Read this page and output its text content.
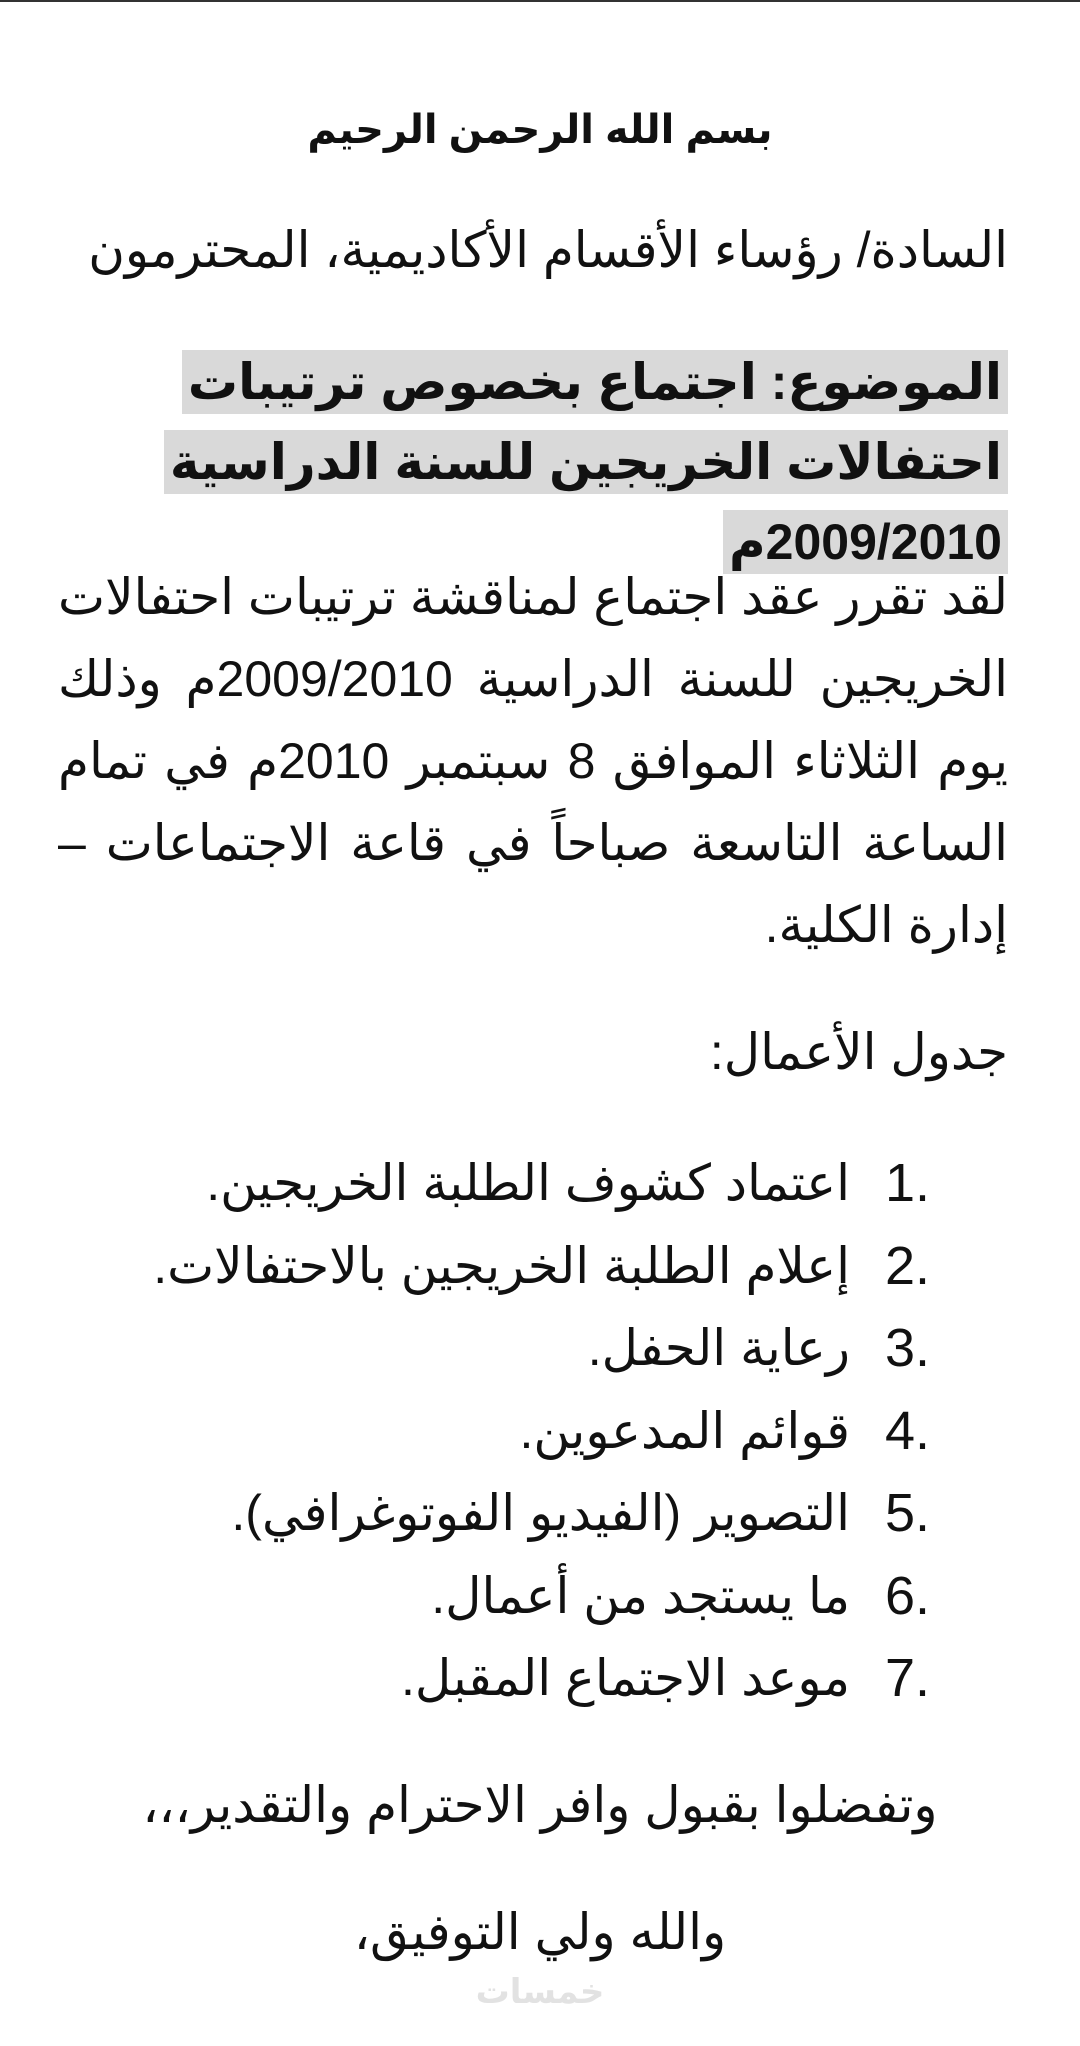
بسم الله الرحمن الرحيم
السادة/ رؤساء الأقسام الأكاديمية، المحترمون
الموضوع: اجتماع بخصوص ترتيبات احتفالات الخريجين للسنة الدراسية 2009/2010م
لقد تقرر عقد اجتماع لمناقشة ترتيبات احتفالات الخريجين للسنة الدراسية 2009/2010م وذلك يوم الثلاثاء الموافق 8 سبتمبر 2010م في تمام الساعة التاسعة صباحاً في قاعة الاجتماعات – إدارة الكلية.
جدول الأعمال:
1.
اعتماد كشوف الطلبة الخريجين.
2.
إعلام الطلبة الخريجين بالاحتفالات.
3.
رعاية الحفل.
4.
قوائم المدعوين.
5.
التصوير (الفيديو الفوتوغرافي).
6.
ما يستجد من أعمال.
7.
موعد الاجتماع المقبل.
وتفضلوا بقبول وافر الاحترام والتقدير،،،
والله ولي التوفيق،
خمسات
